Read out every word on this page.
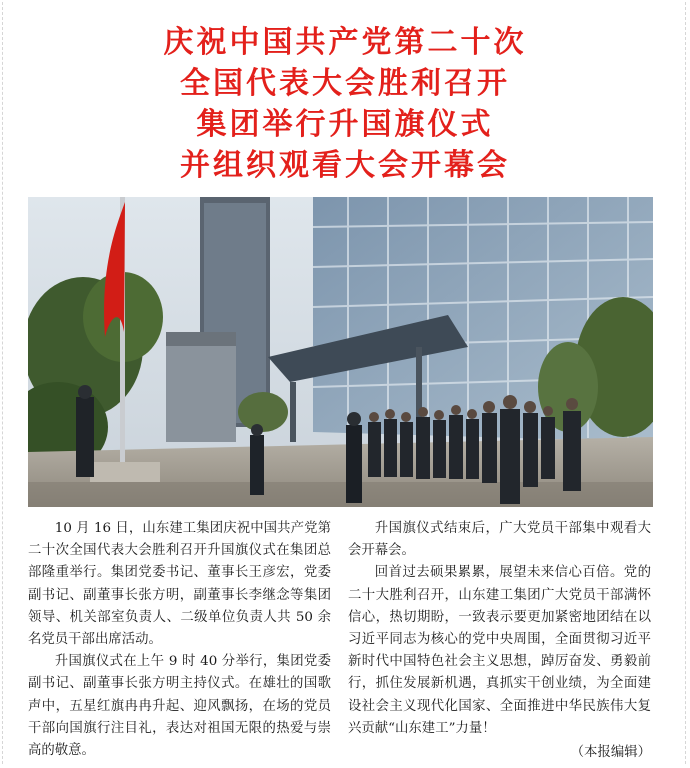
庆祝中国共产党第二十次
全国代表大会胜利召开
集团举行升国旗仪式
并组织观看大会开幕会

10 月 16 日，山东建工集团庆祝中国共产党第二十次全国代表大会胜利召开升国旗仪式在集团总部隆重举行。集团党委书记、董事长王彦宏，党委副书记、副董事长张方明，副董事长李继念等集团领导、机关部室负责人、二级单位负责人共 50 余名党员干部出席活动。

升国旗仪式在上午 9 时 40 分举行，集团党委副书记、副董事长张方明主持仪式。在雄壮的国歌声中，五星红旗冉冉升起、迎风飘扬，在场的党员干部向国旗行注目礼，表达对祖国无限的热爱与崇高的敬意。

升国旗仪式结束后，广大党员干部集中观看大会开幕会。

回首过去硕果累累，展望未来信心百倍。党的二十大胜利召开，山东建工集团广大党员干部满怀信心，热切期盼，一致表示要更加紧密地团结在以习近平同志为核心的党中央周围，全面贯彻习近平新时代中国特色社会主义思想，踔厉奋发、勇毅前行，抓住发展新机遇，真抓实干创业绩，为全面建设社会主义现代化国家、全面推进中华民族伟大复兴贡献“山东建工”力量！

（本报编辑）
